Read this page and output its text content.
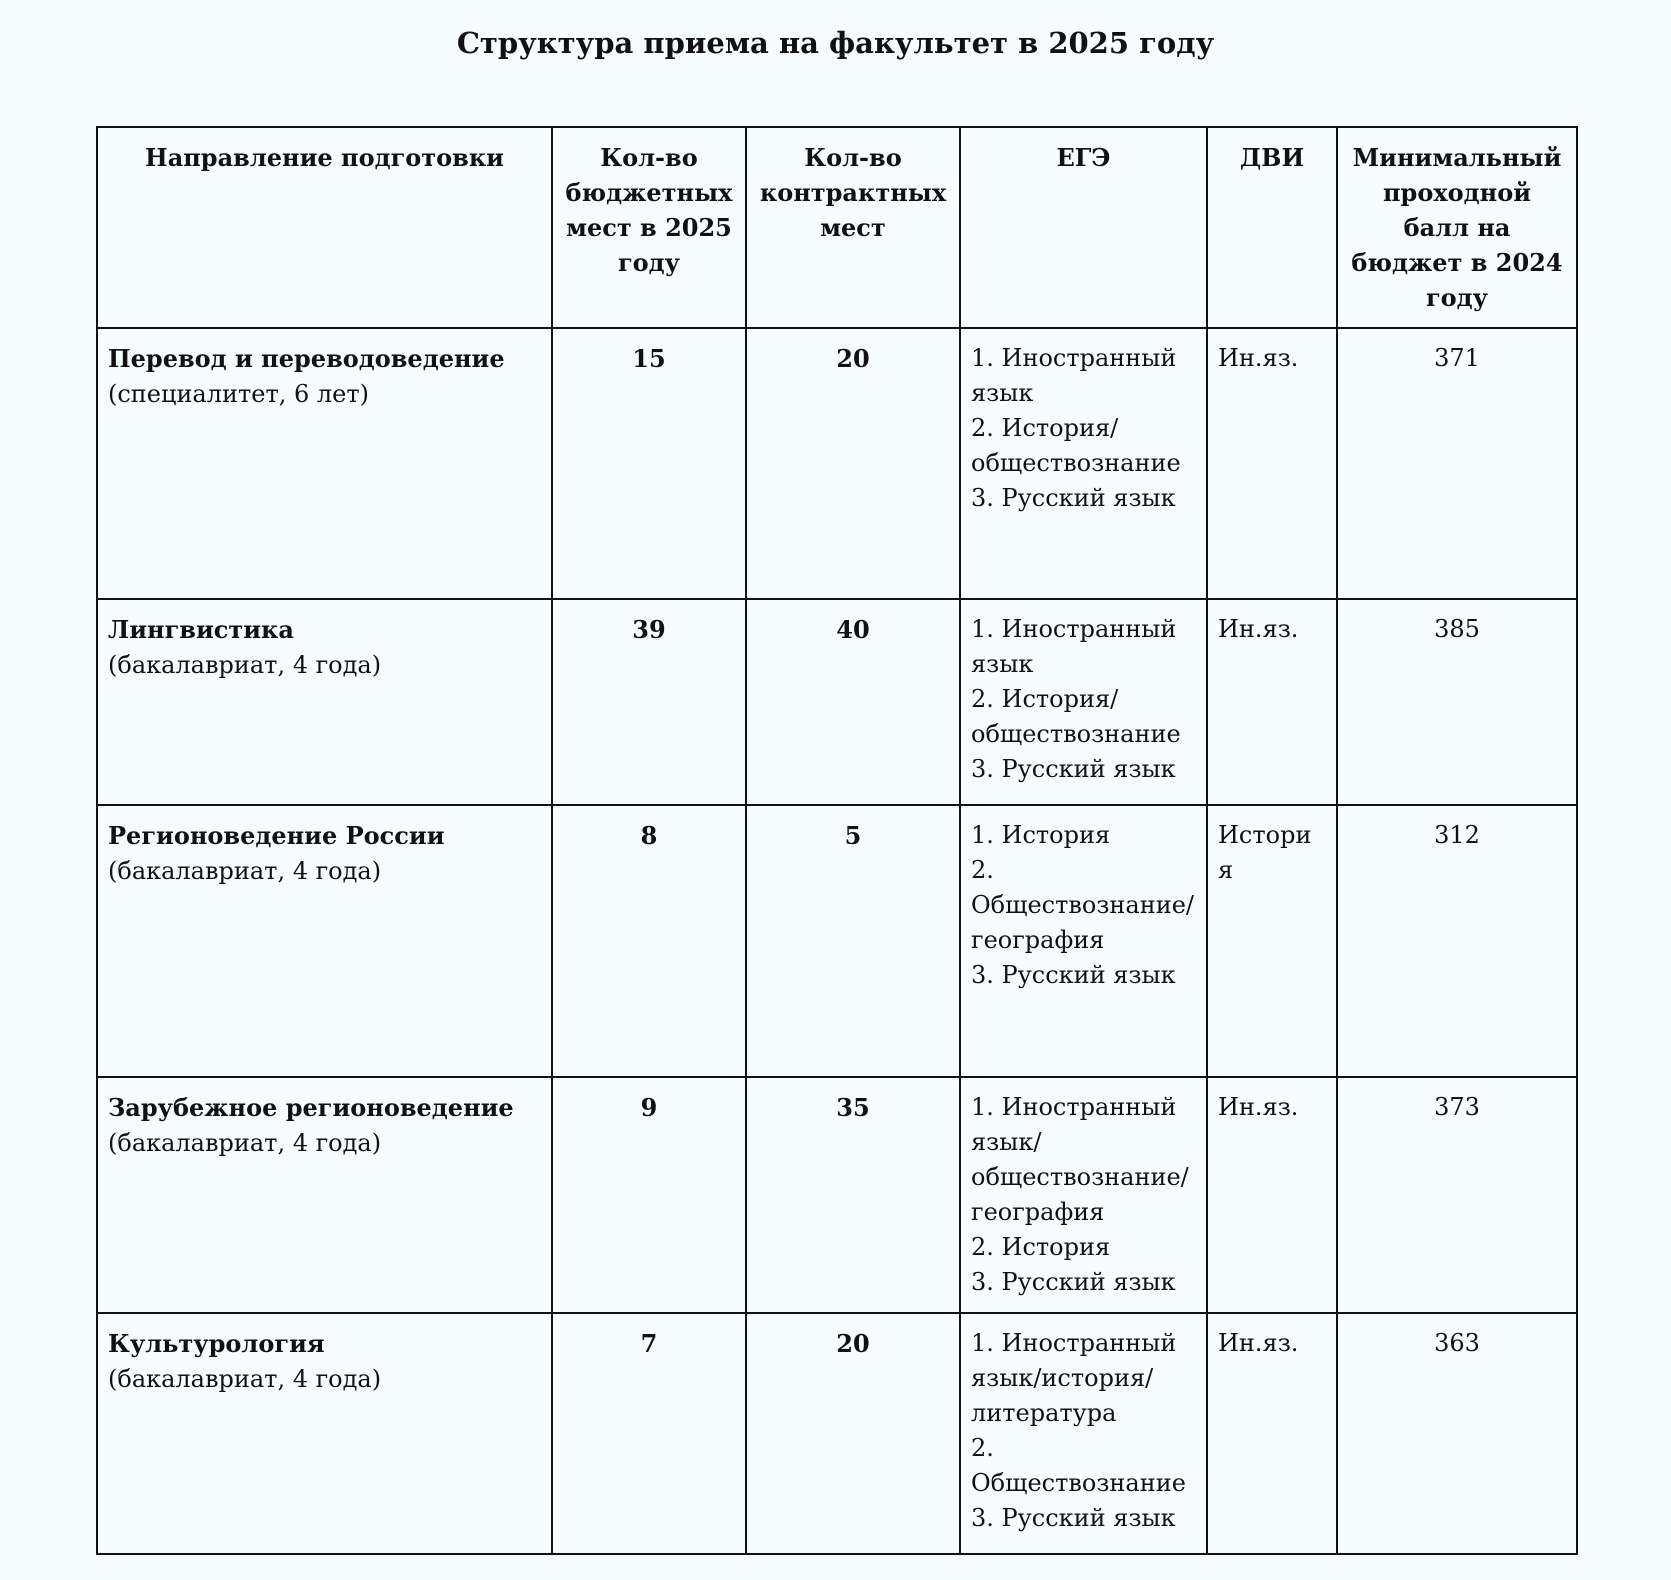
Структура приема на факультет в 2025 году
Направление подготовки	Кол-во бюджетных мест в 2025 году	Кол-во контрактных мест	ЕГЭ	ДВИ	Минимальный проходной балл на бюджет в 2024 году
Перевод и переводоведение (специалитет, 6 лет)	15	20	1. Иностранный язык
2. История/ обществознание
3. Русский язык	Ин.яз.	371
Лингвистика
(бакалавриат, 4 года)	39	40	1. Иностранный язык
2. История/ обществознание
3. Русский язык	Ин.яз.	385
Регионоведение России
(бакалавриат, 4 года)	8	5	1. История
2. Обществознание/ география
3. Русский язык	История	312
Зарубежное регионоведение
(бакалавриат, 4 года)	9	35	1. Иностранный язык/ обществознание/ география
2. История
3. Русский язык	Ин.яз.	373
Культурология
(бакалавриат, 4 года)	7	20	1. Иностранный язык/история/ литература
2. Обществознание
3. Русский язык	Ин.яз.	363
